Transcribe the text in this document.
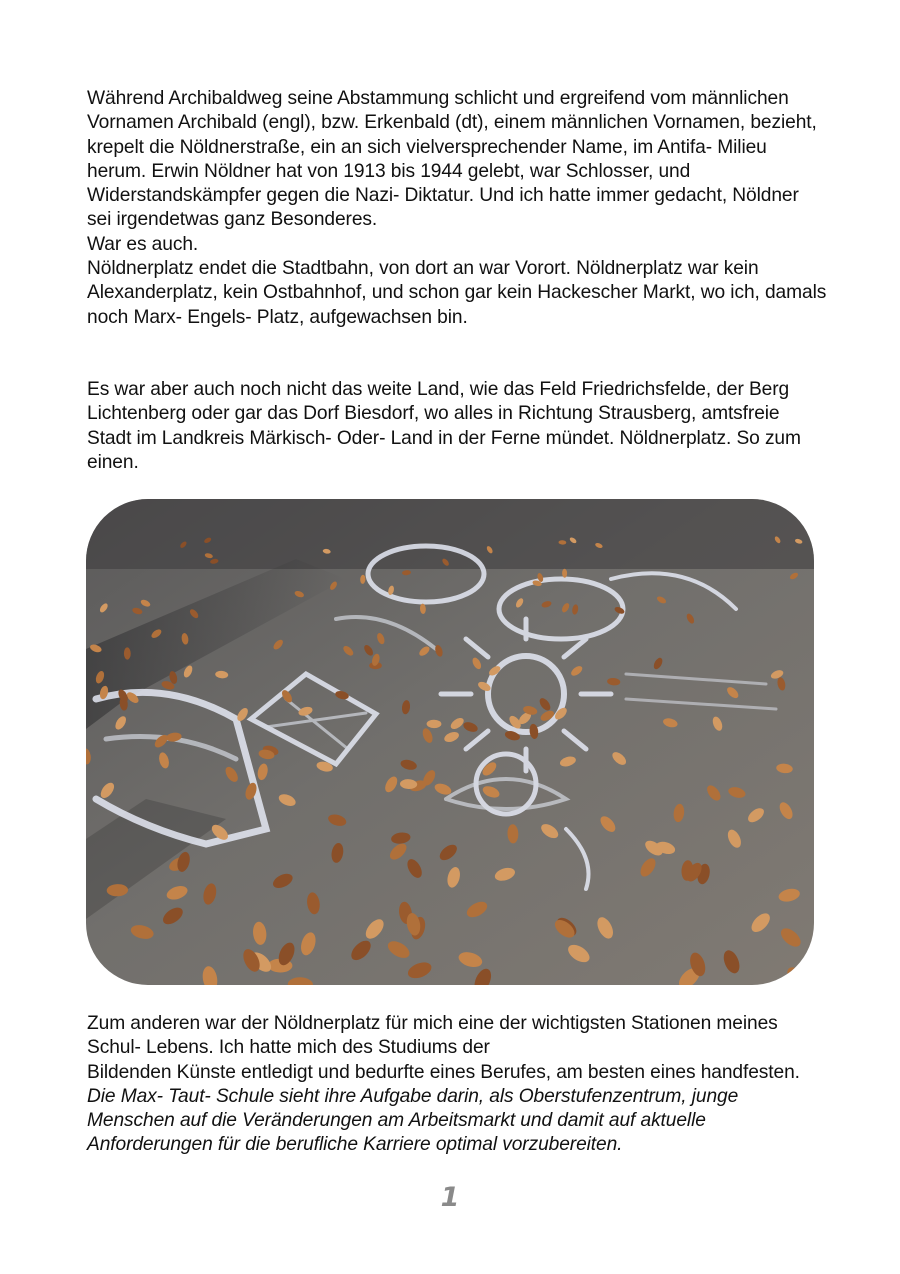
Während Archibaldweg seine Abstammung schlicht und ergreifend vom männlichen Vornamen Archibald (engl), bzw. Erkenbald (dt), einem männlichen Vornamen, bezieht, krepelt die Nöldnerstraße, ein an sich vielversprechender Name, im Antifa- Milieu herum. Erwin Nöldner hat von 1913 bis 1944 gelebt, war Schlosser, und Widerstandskämpfer gegen die Nazi- Diktatur. Und ich hatte immer gedacht, Nöldner sei irgendetwas ganz Besonderes.

War es auch.

Nöldnerplatz endet die Stadtbahn, von dort an war Vorort. Nöldnerplatz war kein Alexanderplatz, kein Ostbahnhof, und schon gar kein Hackescher Markt, wo ich, damals noch Marx- Engels- Platz, aufgewachsen bin.

Es war aber auch noch nicht das weite Land, wie das Feld Friedrichsfelde, der Berg Lichtenberg oder gar das Dorf Biesdorf, wo alles in Richtung Strausberg, amtsfreie Stadt im Landkreis Märkisch- Oder- Land in der Ferne mündet. Nöldnerplatz. So zum einen.

Zum anderen war der Nöldnerplatz für mich eine der wichtigsten Stationen meines Schul- Lebens. Ich hatte mich des Studiums der

Bildenden Künste entledigt und bedurfte eines Berufes, am besten eines handfesten.

Die Max- Taut- Schule sieht ihre Aufgabe darin, als Oberstufenzentrum, junge Menschen auf die Veränderungen am Arbeitsmarkt und damit auf aktuelle Anforderungen für die berufliche Karriere optimal vorzubereiten.

1
